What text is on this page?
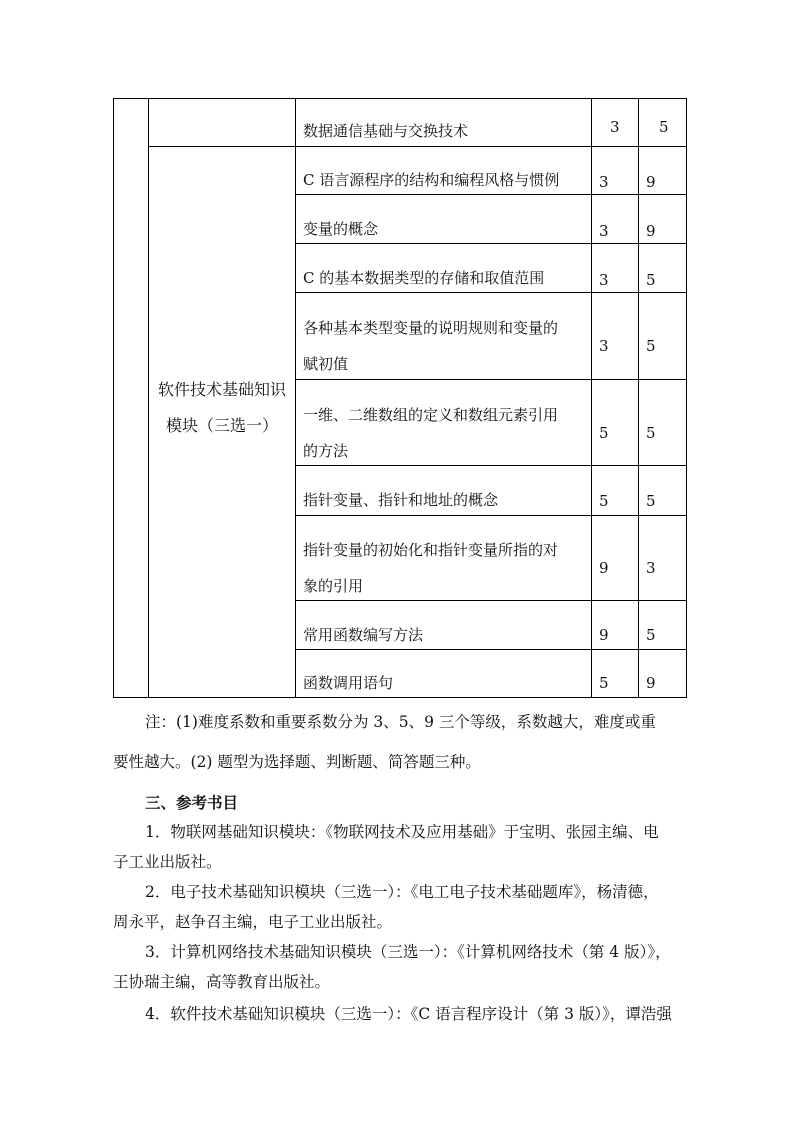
软件技术基础知识
模块（三选一）
数据通信基础与交换技术	3	5
C 语言源程序的结构和编程风格与惯例	3 9
变量的概念	3 9
C 的基本数据类型的存储和取值范围	3 5
各种基本类型变量的说明规则和变量的
赋初值
3 5
一维、二维数组的定义和数组元素引用
的方法
5 5
指针变量、指针和地址的概念	5 5
指针变量的初始化和指针变量所指的对
象的引用
9 3
常用函数编写方法	9 5
函数调用语句	5 9
注：(1)难度系数和重要系数分为 3、5、9 三个等级，系数越大，难度或重
要性越大。(2) 题型为选择题、判断题、简答题三种。
三、参考书目
1．物联网基础知识模块：《物联网技术及应用基础》于宝明、张园主编、电
子工业出版社。
2．电子技术基础知识模块（三选一）：《电工电子技术基础题库》，杨清德，
周永平，赵争召主编，电子工业出版社。
3．计算机网络技术基础知识模块（三选一）：《计算机网络技术（第 4 版）》，
王协瑞主编，高等教育出版社。
4．软件技术基础知识模块（三选一）：《C 语言程序设计（第 3 版）》，谭浩强
